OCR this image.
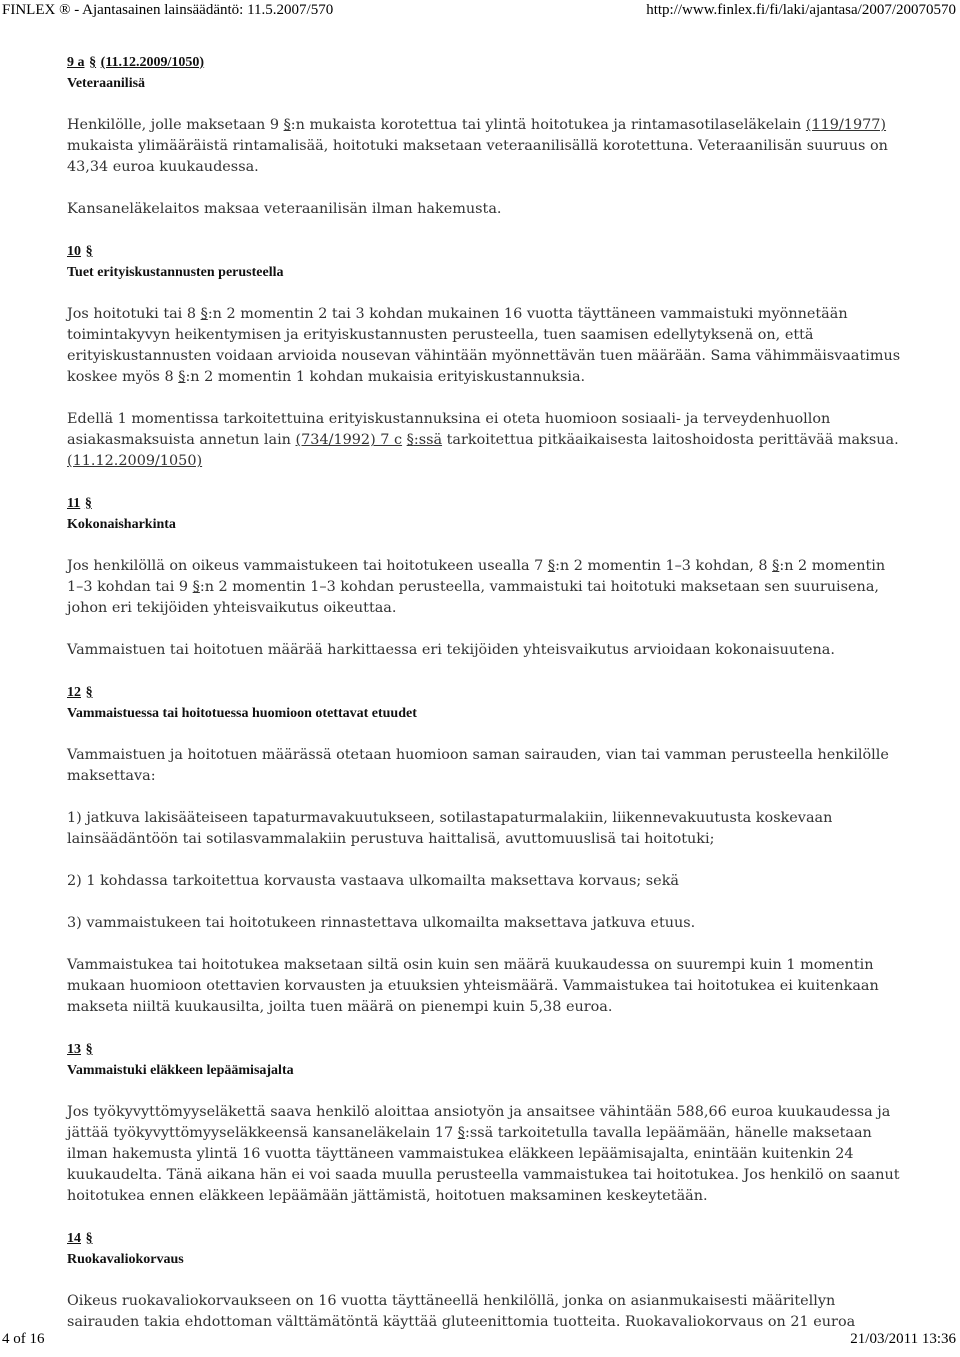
FINLEX ® - Ajantasainen lainsäädäntö: 11.5.2007/570	http://www.finlex.fi/fi/laki/ajantasa/2007/20070570
9 a § (11.12.2009/1050)
Veteraanilisä

Henkilölle, jolle maksetaan 9 §:n mukaista korotettua tai ylintä hoitotukea ja rintamasotilaseläkelain (119/1977) mukaista ylimääräistä rintamalisää, hoitotuki maksetaan veteraanilisällä korotettuna. Veteraanilisän suuruus on 43,34 euroa kuukaudessa.

Kansaneläkelaitos maksaa veteraanilisän ilman hakemusta.

10 §
Tuet erityiskustannusten perusteella

Jos hoitotuki tai 8 §:n 2 momentin 2 tai 3 kohdan mukainen 16 vuotta täyttäneen vammaistuki myönnetään toimintakyvyn heikentymisen ja erityiskustannusten perusteella, tuen saamisen edellytyksenä on, että erityiskustannusten voidaan arvioida nousevan vähintään myönnettävän tuen määrään. Sama vähimmäisvaatimus koskee myös 8 §:n 2 momentin 1 kohdan mukaisia erityiskustannuksia.

Edellä 1 momentissa tarkoitettuina erityiskustannuksina ei oteta huomioon sosiaali- ja terveydenhuollon asiakasmaksuista annetun lain (734/1992) 7 c §:ssä tarkoitettua pitkäaikaisesta laitoshoidosta perittävää maksua. (11.12.2009/1050)

11 §
Kokonaisharkinta

Jos henkilöllä on oikeus vammaistukeen tai hoitotukeen usealla 7 §:n 2 momentin 1–3 kohdan, 8 §:n 2 momentin 1–3 kohdan tai 9 §:n 2 momentin 1–3 kohdan perusteella, vammaistuki tai hoitotuki maksetaan sen suuruisena, johon eri tekijöiden yhteisvaikutus oikeuttaa.

Vammaistuen tai hoitotuen määrää harkittaessa eri tekijöiden yhteisvaikutus arvioidaan kokonaisuutena.

12 §
Vammaistuessa tai hoitotuessa huomioon otettavat etuudet

Vammaistuen ja hoitotuen määrässä otetaan huomioon saman sairauden, vian tai vamman perusteella henkilölle maksettava:

1) jatkuva lakisääteiseen tapaturmavakuutukseen, sotilastapaturmalakiin, liikennevakuutusta koskevaan lainsäädäntöön tai sotilasvammalakiin perustuva haittalisä, avuttomuuslisä tai hoitotuki;

2) 1 kohdassa tarkoitettua korvausta vastaava ulkomailta maksettava korvaus; sekä

3) vammaistukeen tai hoitotukeen rinnastettava ulkomailta maksettava jatkuva etuus.

Vammaistukea tai hoitotukea maksetaan siltä osin kuin sen määrä kuukaudessa on suurempi kuin 1 momentin mukaan huomioon otettavien korvausten ja etuuksien yhteismäärä. Vammaistukea tai hoitotukea ei kuitenkaan makseta niiltä kuukausilta, joilta tuen määrä on pienempi kuin 5,38 euroa.

13 §
Vammaistuki eläkkeen lepäämisajalta

Jos työkyvyttömyyseläkettä saava henkilö aloittaa ansiotyön ja ansaitsee vähintään 588,66 euroa kuukaudessa ja jättää työkyvyttömyyseläkkeensä kansaneläkelain 17 §:ssä tarkoitetulla tavalla lepäämään, hänelle maksetaan ilman hakemusta ylintä 16 vuotta täyttäneen vammaistukea eläkkeen lepäämisajalta, enintään kuitenkin 24 kuukaudelta. Tänä aikana hän ei voi saada muulla perusteella vammaistukea tai hoitotukea. Jos henkilö on saanut hoitotukea ennen eläkkeen lepäämään jättämistä, hoitotuen maksaminen keskeytetään.

14 §
Ruokavaliokorvaus

Oikeus ruokavaliokorvaukseen on 16 vuotta täyttäneellä henkilöllä, jonka on asianmukaisesti määritellyn sairauden takia ehdottoman välttämätöntä käyttää gluteenittomia tuotteita. Ruokavaliokorvaus on 21 euroa

4 of 16	21/03/2011 13:36
